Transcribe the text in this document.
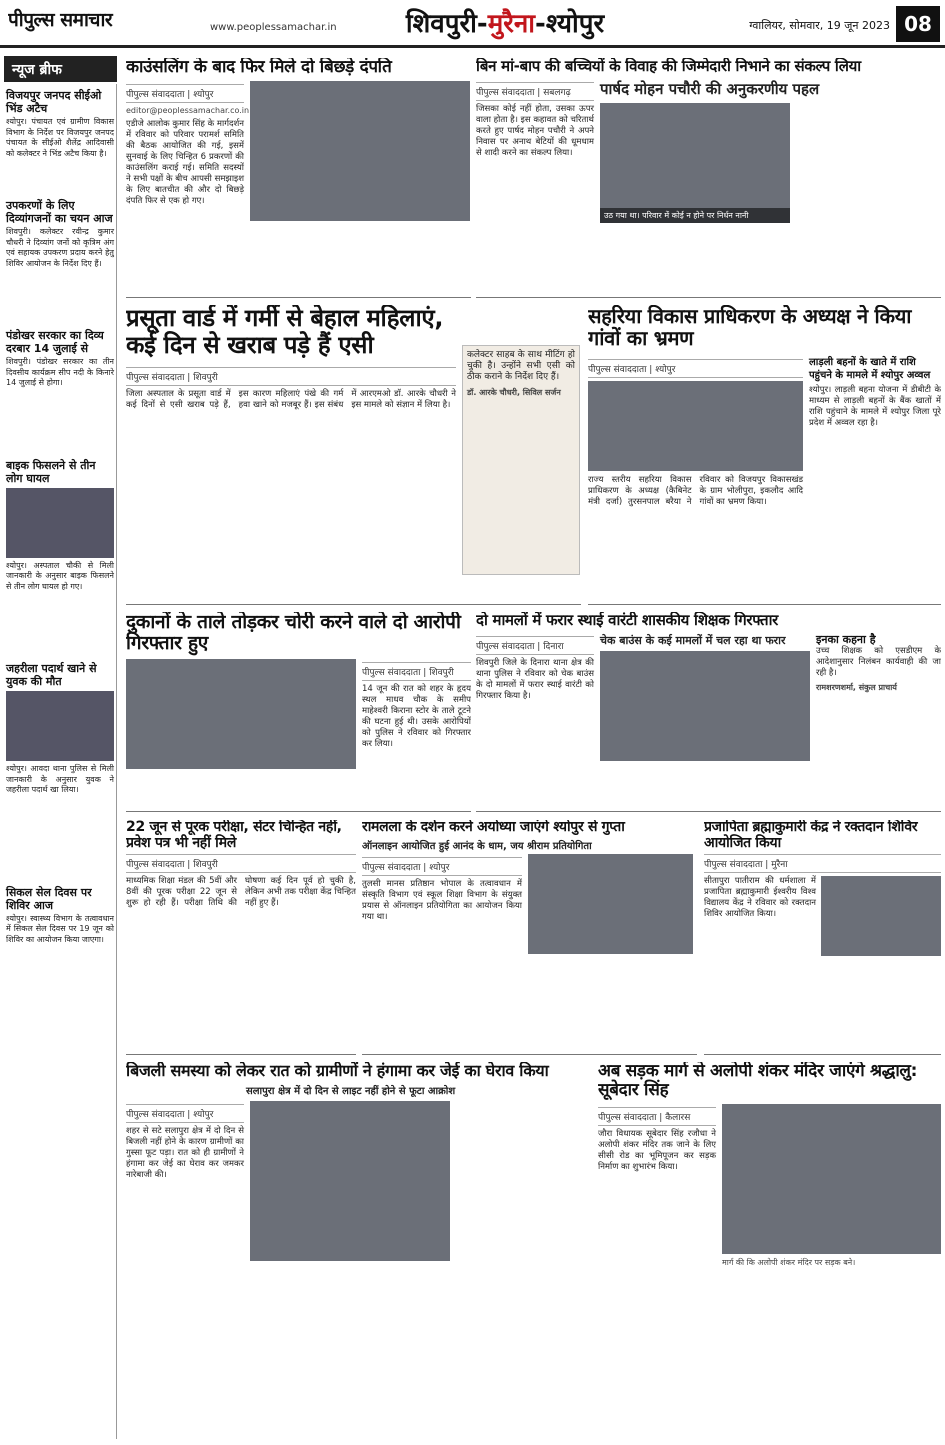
पीपुल्स समाचार	www.peoplessamachar.in	शिवपुरी-मुरैना-श्योपुर	ग्वालियर, सोमवार, 19 जून 2023 08
न्यूज ब्रीफ
विजयपुर जनपद सीईओ भिंड अटैच
श्योपुर। पंचायत एवं ग्रामीण विकास विभाग के निर्देश पर विजयपुर जनपद पंचायत के सीईओ शैलेंद्र आदिवासी को कलेक्टर ने भिंड अटैच किया है।
उपकरणों के लिए दिव्यांगजनों का चयन आज
शिवपुरी। कलेक्टर रवीन्द्र कुमार चौधरी ने दिव्यांग जनों को कृत्रिम अंग एवं सहायक उपकरण प्रदाय करने हेतु शिविर आयोजन के निर्देश दिए हैं।
पंडोखर सरकार का दिव्य दरबार 14 जुलाई से
शिवपुरी। पंडोखर सरकार का तीन दिवसीय कार्यक्रम सीप नदी के किनारे 14 जुलाई से होगा।
बाइक फिसलने से तीन लोग घायल
श्योपुर। अस्पताल चौकी से मिली जानकारी के अनुसार बाइक फिसलने से तीन लोग घायल हो गए।
जहरीला पदार्थ खाने से युवक की मौत
श्योपुर। आवदा थाना पुलिस से मिली जानकारी के अनुसार युवक ने जहरीला पदार्थ खा लिया।
सिकल सेल दिवस पर शिविर आज
श्योपुर। स्वास्थ्य विभाग के तत्वावधान में सिकल सेल दिवस पर 19 जून को शिविर का आयोजन किया जाएगा।
काउंसलिंग के बाद फिर मिले दो बिछड़े दंपति
पीपुल्स संवाददाता | श्योपुर
editor@peoplessamachar.co.in
एडीजे आलोक कुमार सिंह के मार्गदर्शन में रविवार को परिवार परामर्श समिति की बैठक आयोजित की गई, इसमें सुनवाई के लिए चिन्हित 6 प्रकरणों की काउंसलिंग कराई गई। समिति सदस्यों ने सभी पक्षों के बीच आपसी समझाइश के लिए बातचीत की और दो बिछड़े दंपति फिर से एक हो गए।
बिन मां-बाप की बच्चियों के विवाह की जिम्मेदारी निभाने का संकल्प लिया
पीपुल्स संवाददाता | सबलगढ़
जिसका कोई नहीं होता, उसका ऊपर वाला होता है। इस कहावत को चरितार्थ करते हुए पार्षद मोहन पचौरी ने अपने निवास पर अनाथ बेटियों की धूमधाम से शादी करने का संकल्प लिया।
पार्षद मोहन पचौरी की अनुकरणीय पहल
उठ गया था। परिवार में कोई न होने पर निर्धन नानी
प्रसूता वार्ड में गर्मी से बेहाल महिलाएं, कई दिन से खराब पड़े हैं एसी	कलेक्टर साहब के साथ मीटिंग हो चुकी है। उन्होंने सभी एसी को ठीक कराने के निर्देश दिए हैं।
डॉ. आरके चौधरी, सिविल सर्जन
पीपुल्स संवाददाता | शिवपुरी
जिला अस्पताल के प्रसूता वार्ड में कई दिनों से एसी खराब पड़े हैं, इस कारण महिलाएं पंखे की गर्म हवा खाने को मजबूर हैं। इस संबंध में आरएमओ डॉ. आरके चौधरी ने इस मामले को संज्ञान में लिया है।
सहरिया विकास प्राधिकरण के अध्यक्ष ने किया गांवों का भ्रमण
पीपुल्स संवाददाता | श्योपुर
राज्य स्तरीय सहरिया विकास प्राधिकरण के अध्यक्ष (कैबिनेट मंत्री दर्जा) तुरसनपाल बरैया ने रविवार को विजयपुर विकासखंड के ग्राम भोलीपुरा, इकलौद आदि गांवों का भ्रमण किया।
लाड़ली बहनों के खाते में राशि पहुंचने के मामले में श्योपुर अव्वल
श्योपुर। लाड़ली बहना योजना में डीबीटी के माध्यम से लाड़ली बहनों के बैंक खातों में राशि पहुंचाने के मामले में श्योपुर जिला पूरे प्रदेश में अव्वल रहा है।
दुकानों के ताले तोड़कर चोरी करने वाले दो आरोपी गिरफ्तार हुए
पीपुल्स संवाददाता | शिवपुरी
14 जून की रात को शहर के हृदय स्थल माधव चौक के समीप माहेश्वरी किराना स्टोर के ताले टूटने की घटना हुई थी। उसके आरोपियों को पुलिस ने रविवार को गिरफ्तार कर लिया।
दो मामलों में फरार स्थाई वारंटी शासकीय शिक्षक गिरफ्तार
पीपुल्स संवाददाता | दिनारा
शिवपुरी जिले के दिनारा थाना क्षेत्र की थाना पुलिस ने रविवार को चेक बाउंस के दो मामलों में फरार स्थाई वारंटी को गिरफ्तार किया है।
चेक बाउंस के कई मामलों में चल रहा था फरार	इनका कहना है
उच्च शिक्षक को एसडीएम के आदेशानुसार निलंबन कार्यवाही की जा रही है।
रामशरणशर्मा, संकुल प्राचार्य
22 जून से पूरक परीक्षा, सेंटर चिन्हित नहीं, प्रवेश पत्र भी नहीं मिले
पीपुल्स संवाददाता | शिवपुरी
माध्यमिक शिक्षा मंडल की 5वीं और 8वीं की पूरक परीक्षा 22 जून से शुरू हो रही हैं। परीक्षा तिथि की घोषणा कई दिन पूर्व हो चुकी है, लेकिन अभी तक परीक्षा केंद्र चिन्हित नहीं हुए हैं।
रामलला के दर्शन करने अयोध्या जाएंगे श्योपुर से गुप्ता
ऑनलाइन आयोजित हुई आनंद के धाम, जय श्रीराम प्रतियोगिता
पीपुल्स संवाददाता | श्योपुर
तुलसी मानस प्रतिष्ठान भोपाल के तत्वावधान में संस्कृति विभाग एवं स्कूल शिक्षा विभाग के संयुक्त प्रयास से ऑनलाइन प्रतियोगिता का आयोजन किया गया था।
प्रजापिता ब्रह्माकुमारी केंद्र ने रक्तदान शिविर आयोजित किया
पीपुल्स संवाददाता | मुरैना
सीतापुरा पातीराम की धर्मशाला में प्रजापिता ब्रह्माकुमारी ईश्वरीय विश्व विद्यालय केंद्र ने रविवार को रक्तदान शिविर आयोजित किया।
बिजली समस्या को लेकर रात को ग्रामीणों ने हंगामा कर जेई का घेराव किया
सलापुरा क्षेत्र में दो दिन से लाइट नहीं होने से फूटा आक्रोश
पीपुल्स संवाददाता | श्योपुर
शहर से सटे सलापुरा क्षेत्र में दो दिन से बिजली नहीं होने के कारण ग्रामीणों का गुस्सा फूट पड़ा। रात को ही ग्रामीणों ने हंगामा कर जेई का घेराव कर जमकर नारेबाजी की।
अब सड़क मार्ग से अलोपी शंकर मंदिर जाएंगे श्रद्धालु: सूबेदार सिंह
पीपुल्स संवाददाता | कैलारस
जौरा विधायक सूबेदार सिंह रजौधा ने अलोपी शंकर मंदिर तक जाने के लिए सीसी रोड का भूमिपूजन कर सड़क निर्माण का शुभारंभ किया।
मार्ग की कि अलोपी शंकर मंदिर पर सड़क बने।
